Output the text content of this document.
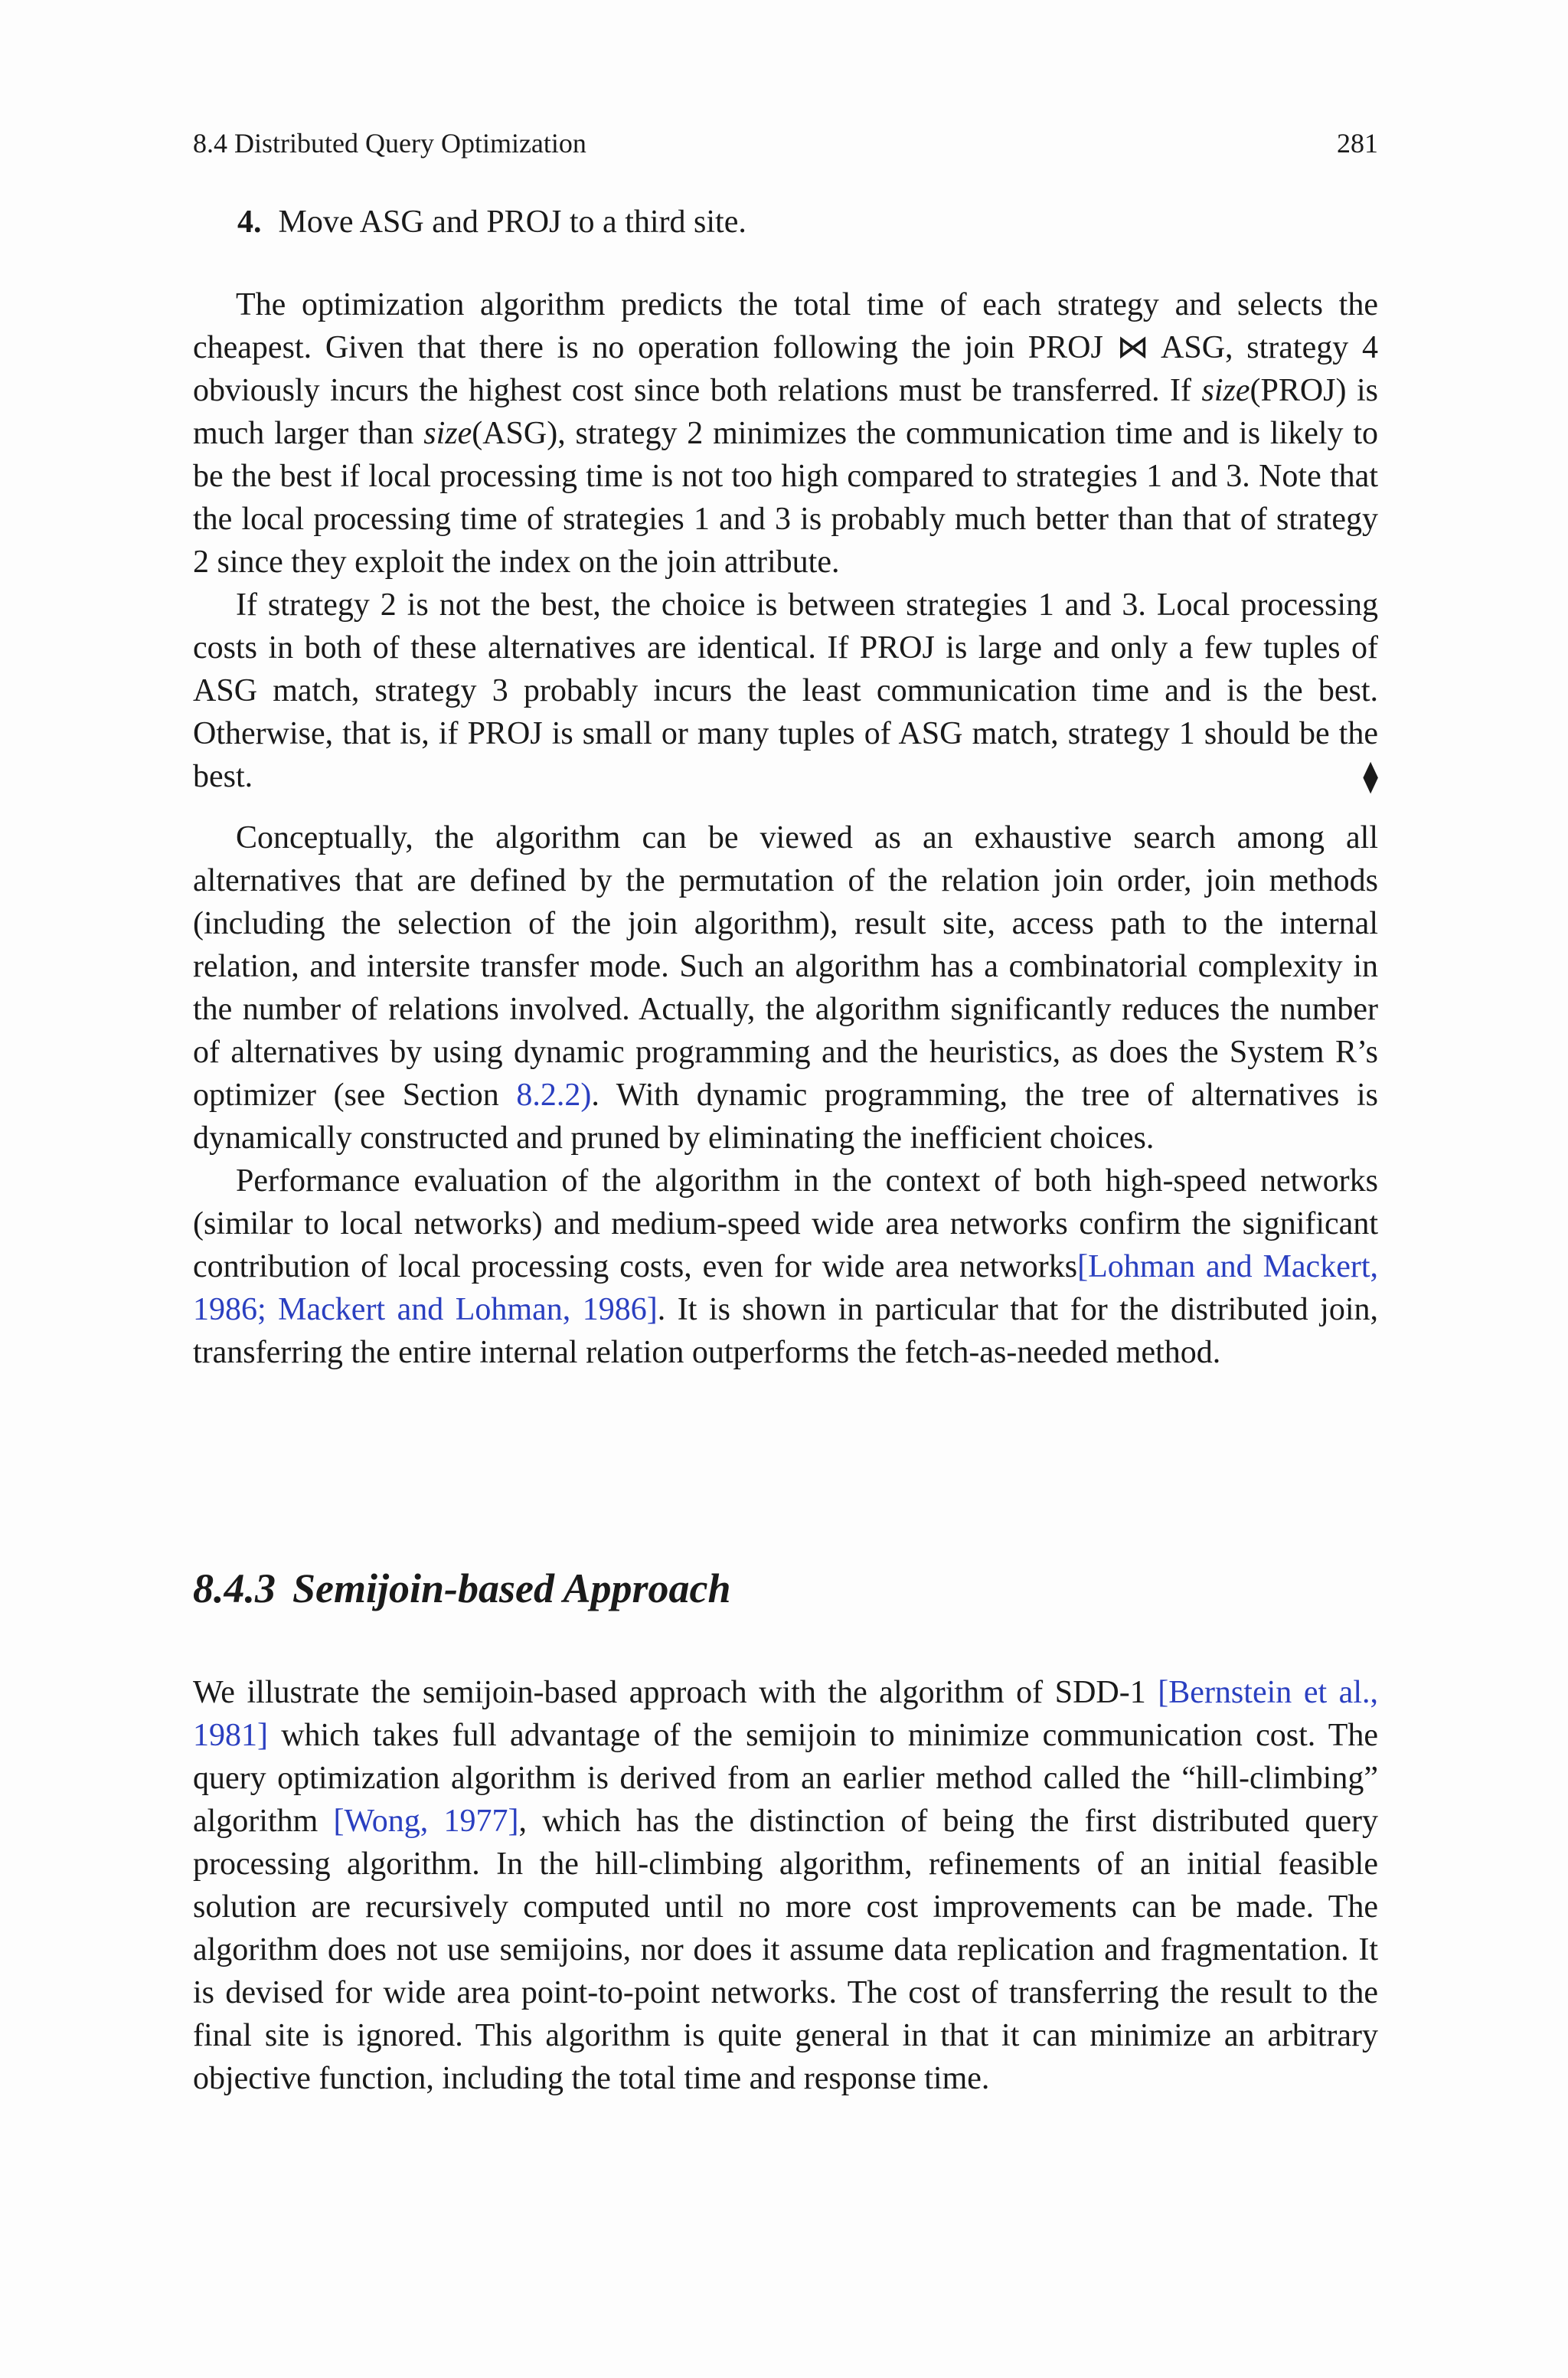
8.4 Distributed Query Optimization	281
4. Move ASG and PROJ to a third site.

The optimization algorithm predicts the total time of each strategy and selects the cheapest. Given that there is no operation following the join PROJ ⋈ ASG, strategy 4 obviously incurs the highest cost since both relations must be transferred. If size(PROJ) is much larger than size(ASG), strategy 2 minimizes the communication time and is likely to be the best if local processing time is not too high compared to strategies 1 and 3. Note that the local processing time of strategies 1 and 3 is probably much better than that of strategy 2 since they exploit the index on the join attribute.

If strategy 2 is not the best, the choice is between strategies 1 and 3. Local processing costs in both of these alternatives are identical. If PROJ is large and only a few tuples of ASG match, strategy 3 probably incurs the least communication time and is the best. Otherwise, that is, if PROJ is small or many tuples of ASG match, strategy 1 should be the best.	⧫

Conceptually, the algorithm can be viewed as an exhaustive search among all alternatives that are defined by the permutation of the relation join order, join methods (including the selection of the join algorithm), result site, access path to the internal relation, and intersite transfer mode. Such an algorithm has a combinatorial complexity in the number of relations involved. Actually, the algorithm significantly reduces the number of alternatives by using dynamic programming and the heuristics, as does the System R’s optimizer (see Section 8.2.2). With dynamic programming, the tree of alternatives is dynamically constructed and pruned by eliminating the inefficient choices.

Performance evaluation of the algorithm in the context of both high-speed networks (similar to local networks) and medium-speed wide area networks confirm the significant contribution of local processing costs, even for wide area networks[Lohman and Mackert, 1986; Mackert and Lohman, 1986]. It is shown in particular that for the distributed join, transferring the entire internal relation outperforms the fetch-as-needed method.

8.4.3 Semijoin-based Approach

We illustrate the semijoin-based approach with the algorithm of SDD-1 [Bernstein et al., 1981] which takes full advantage of the semijoin to minimize communication cost. The query optimization algorithm is derived from an earlier method called the “hill-climbing” algorithm [Wong, 1977], which has the distinction of being the first distributed query processing algorithm. In the hill-climbing algorithm, refinements of an initial feasible solution are recursively computed until no more cost improvements can be made. The algorithm does not use semijoins, nor does it assume data replication and fragmentation. It is devised for wide area point-to-point networks. The cost of transferring the result to the final site is ignored. This algorithm is quite general in that it can minimize an arbitrary objective function, including the total time and response time.
